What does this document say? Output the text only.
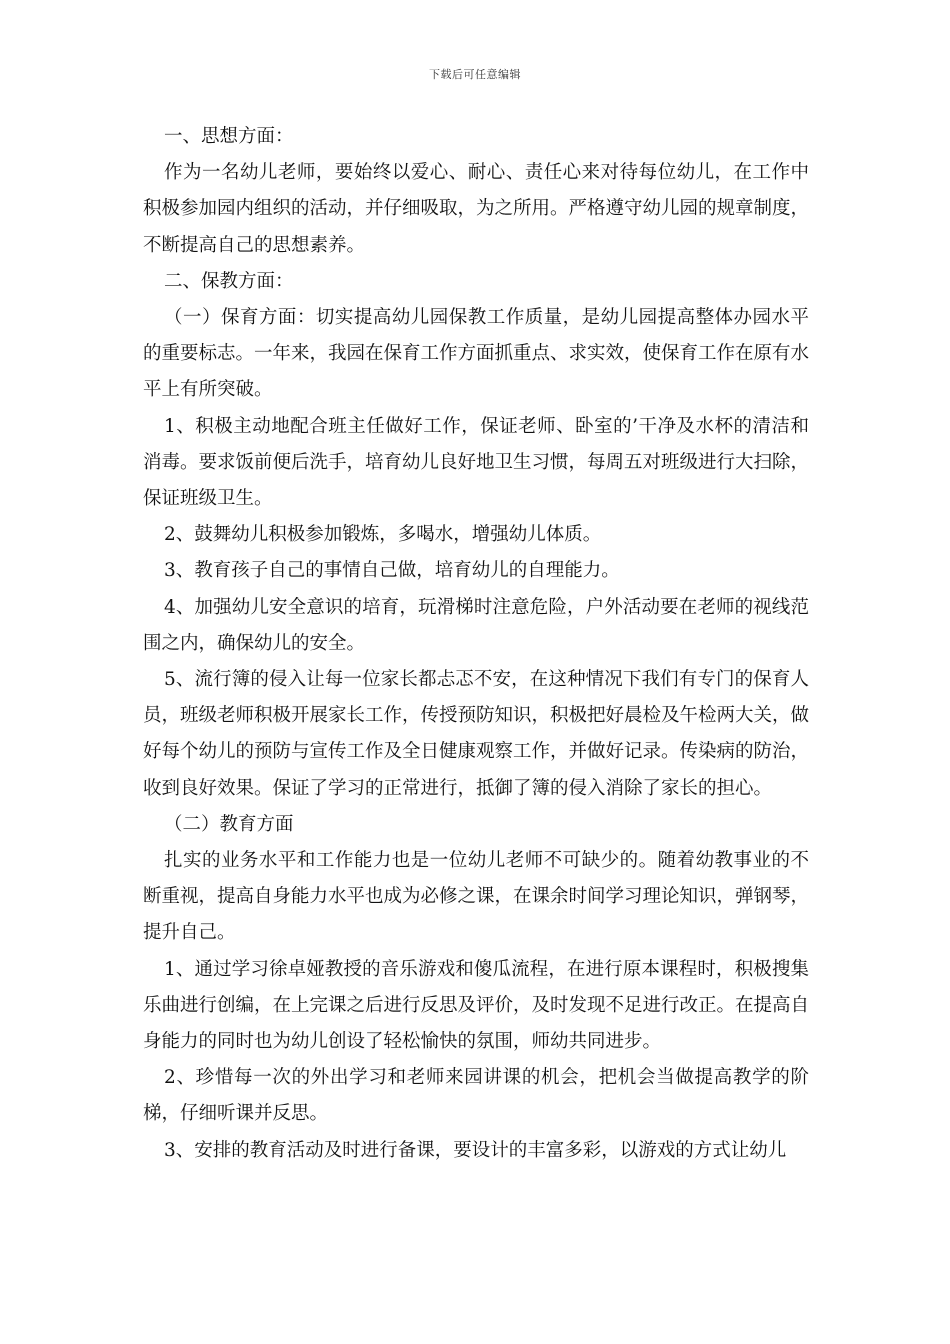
下载后可任意编辑

一、思想方面：

作为一名幼儿老师，要始终以爱心、耐心、责任心来对待每位幼儿，在工作中积极参加园内组织的活动，并仔细吸取，为之所用。严格遵守幼儿园的规章制度，不断提高自己的思想素养。

二、保教方面：

（一）保育方面：切实提高幼儿园保教工作质量，是幼儿园提高整体办园水平的重要标志。一年来，我园在保育工作方面抓重点、求实效，使保育工作在原有水平上有所突破。

1、积极主动地配合班主任做好工作，保证老师、卧室的’干净及水杯的清洁和消毒。要求饭前便后洗手，培育幼儿良好地卫生习惯，每周五对班级进行大扫除，保证班级卫生。

2、鼓舞幼儿积极参加锻炼，多喝水，增强幼儿体质。

3、教育孩子自己的事情自己做，培育幼儿的自理能力。

4、加强幼儿安全意识的培育，玩滑梯时注意危险，户外活动要在老师的视线范围之内，确保幼儿的安全。

5、流行簿的侵入让每一位家长都忐忑不安，在这种情况下我们有专门的保育人员，班级老师积极开展家长工作，传授预防知识，积极把好晨检及午检两大关，做好每个幼儿的预防与宣传工作及全日健康观察工作，并做好记录。传染病的防治，收到良好效果。保证了学习的正常进行，抵御了簿的侵入消除了家长的担心。

（二）教育方面

扎实的业务水平和工作能力也是一位幼儿老师不可缺少的。随着幼教事业的不断重视，提高自身能力水平也成为必修之课，在课余时间学习理论知识，弹钢琴，提升自己。

1、通过学习徐卓娅教授的音乐游戏和傻瓜流程，在进行原本课程时，积极搜集乐曲进行创编，在上完课之后进行反思及评价，及时发现不足进行改正。在提高自身能力的同时也为幼儿创设了轻松愉快的氛围，师幼共同进步。

2、珍惜每一次的外出学习和老师来园讲课的机会，把机会当做提高教学的阶梯，仔细听课并反思。

3、安排的教育活动及时进行备课，要设计的丰富多彩，以游戏的方式让幼儿
